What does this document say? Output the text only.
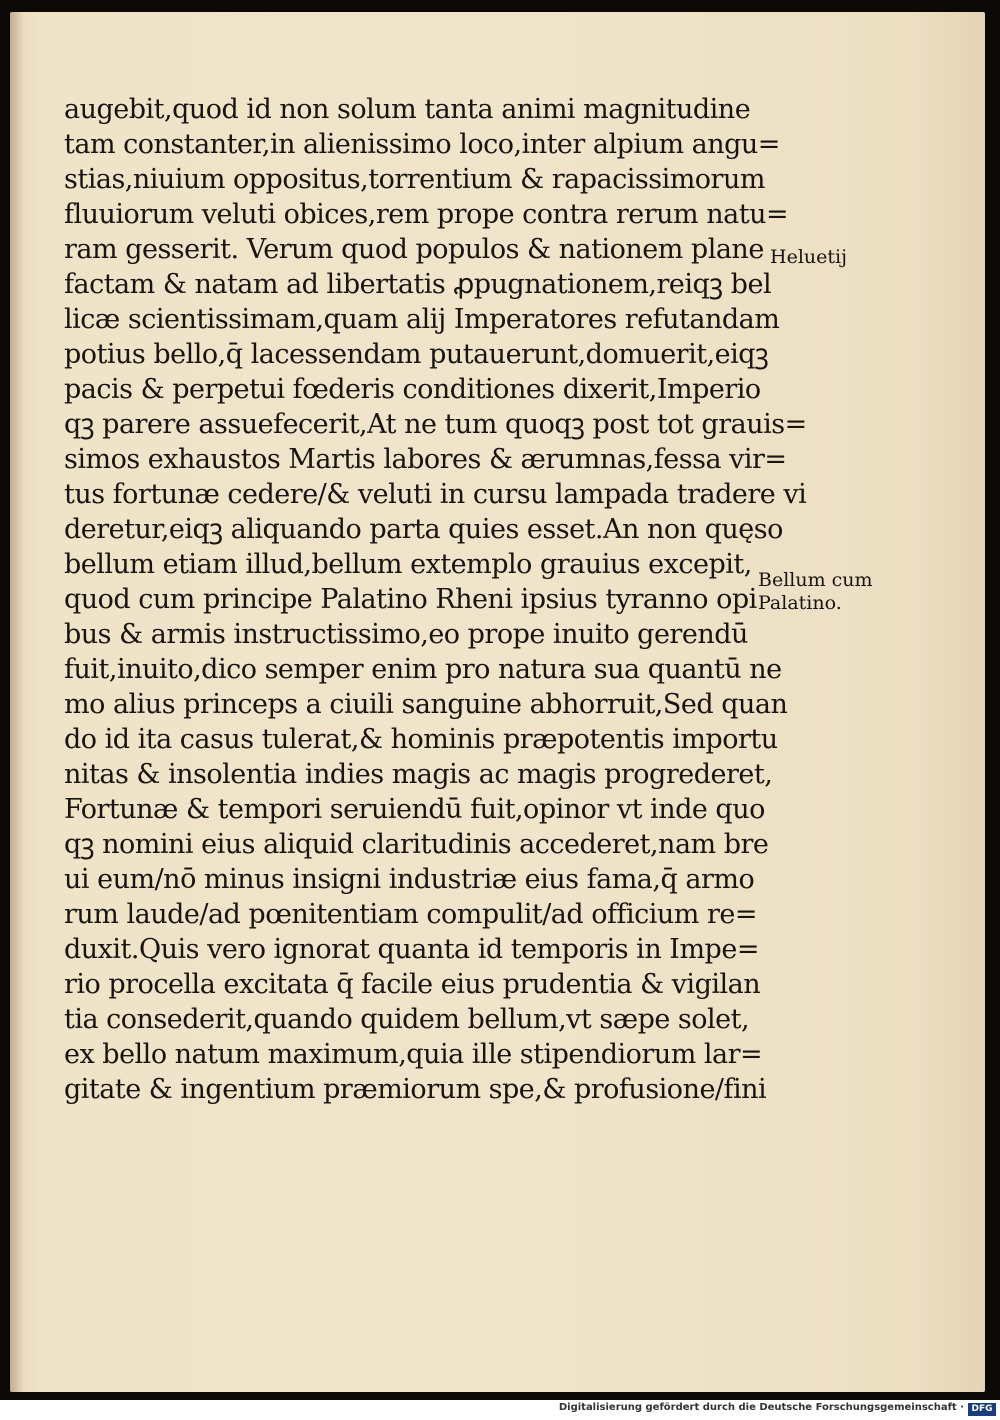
augebit,quod id non solum tanta animi magnitudine
tam constanter,in alienissimo loco,inter alpium angu=
stias,niuium oppositus,torrentium & rapacissimorum
fluuiorum veluti obices,rem prope contra rerum natu=
ram gesserit. Verum quod populos & nationem plane
factam & natam ad libertatis ꝓpugnationem,reiqꝫ bel
licæ scientissimam,quam alij Imperatores refutandam
potius bello,q̄ lacessendam putauerunt,domuerit,eiqꝫ
pacis & perpetui fœderis conditiones dixerit,Imperio
qꝫ parere assuefecerit,At ne tum quoqꝫ post tot grauis=
simos exhaustos Martis labores & ærumnas,fessa vir=
tus fortunæ cedere/& veluti in cursu lampada tradere vi
deretur,eiqꝫ aliquando parta quies esset.An non quęso
bellum etiam illud,bellum extemplo grauius excepit,
quod cum principe Palatino Rheni ipsius tyranno opi
bus & armis instructissimo,eo prope inuito gerendū
fuit,inuito,dico semper enim pro natura sua quantū ne
mo alius princeps a ciuili sanguine abhorruit,Sed quan
do id ita casus tulerat,& hominis præpotentis importu
nitas & insolentia indies magis ac magis progrederet,
Fortunæ & tempori seruiendū fuit,opinor vt inde quo
qꝫ nomini eius aliquid claritudinis accederet,nam bre
ui eum/nō minus insigni industriæ eius fama,q̄ armo
rum laude/ad pœnitentiam compulit/ad officium re=
duxit.Quis vero ignorat quanta id temporis in Impe=
rio procella excitata q̄ facile eius prudentia & vigilan
tia consederit,quando quidem bellum,vt sæpe solet,
ex bello natum maximum,quia ille stipendiorum lar=
gitate & ingentium præmiorum spe,& profusione/fini
Heluetij
Bellum cum
Palatino.
Digitalisierung gefördert durch die Deutsche Forschungsgemeinschaft · DFG
